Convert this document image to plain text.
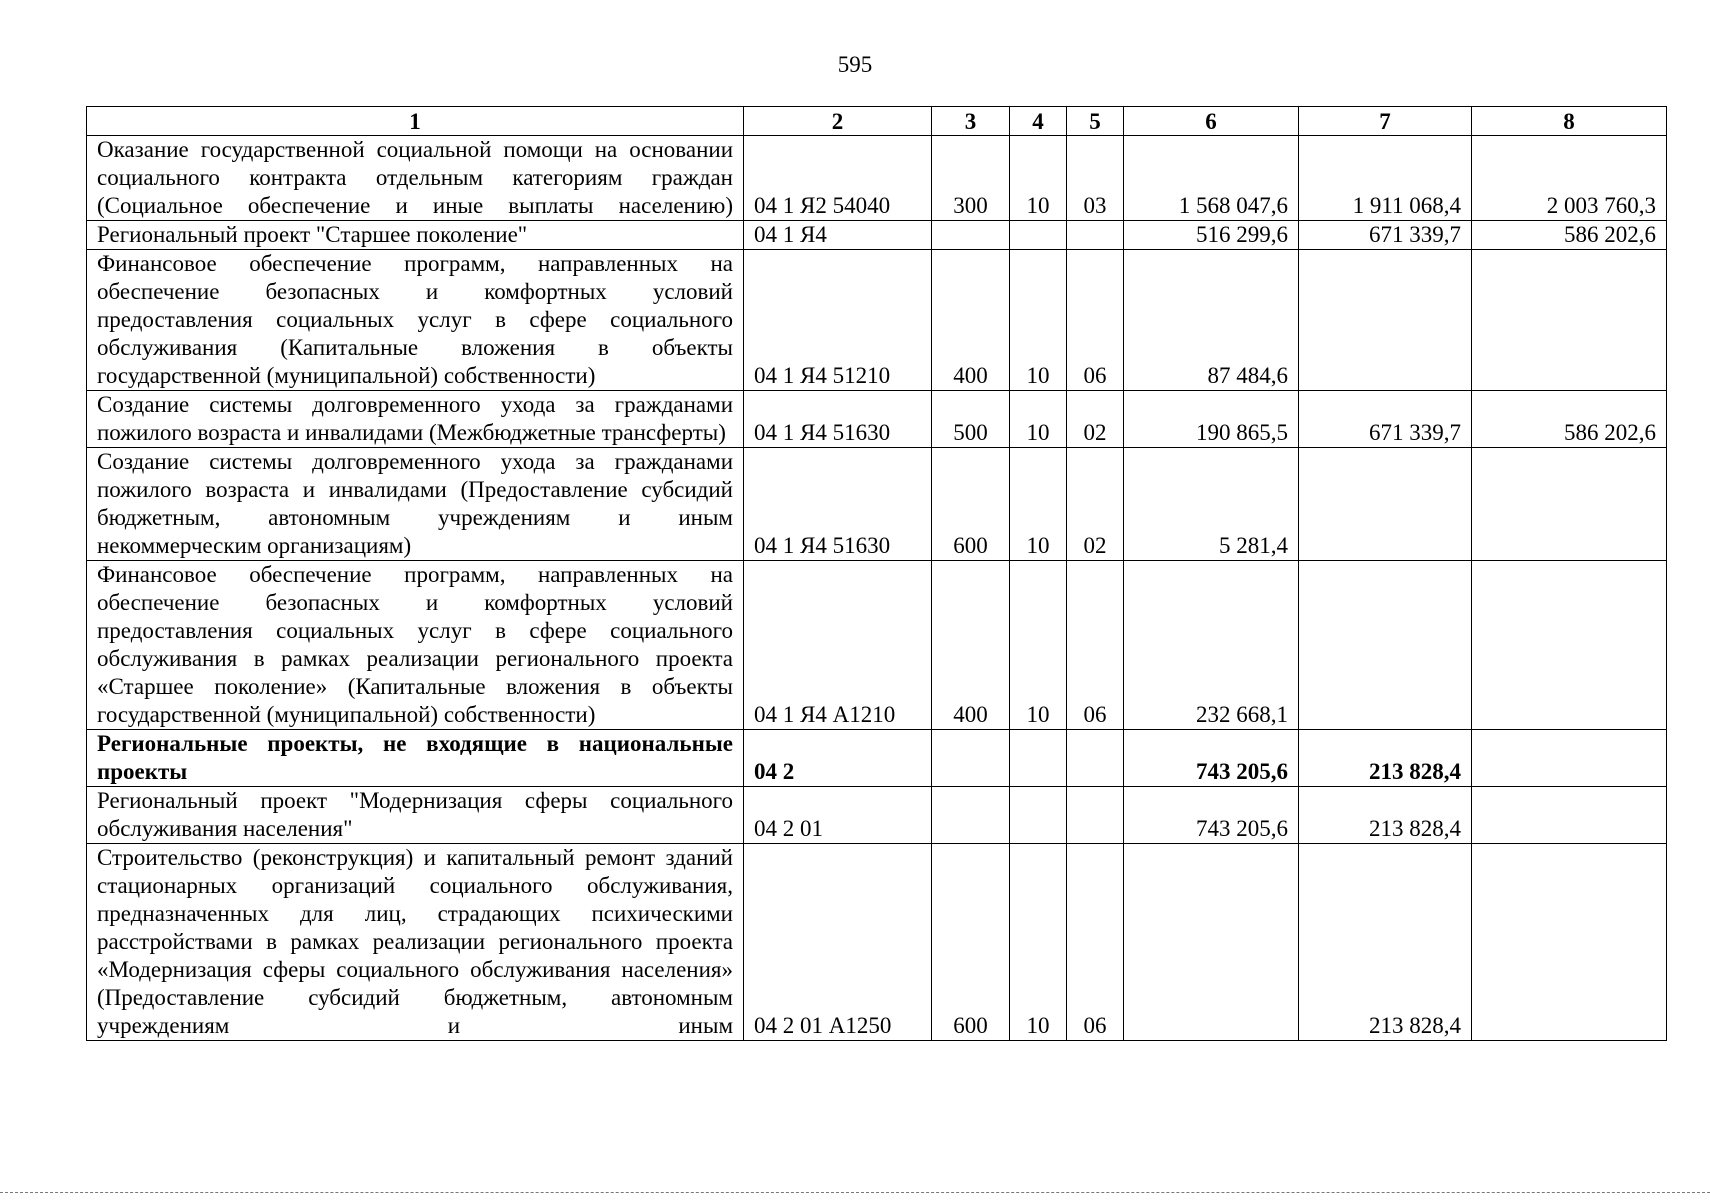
595
1	2	3	4	5	6	7	8
Оказание государственной социальной помощи на основании социального контракта отдельным категориям граждан (Социальное обеспечение и иные выплаты населению)	04 1 Я2 54040	300	10	03	1 568 047,6	1 911 068,4	2 003 760,3
Региональный проект "Старшее поколение"	04 1 Я4				516 299,6	671 339,7	586 202,6
Финансовое обеспечение программ, направленных на обеспечение безопасных и комфортных условий предоставления социальных услуг в сфере социального обслуживания (Капитальные вложения в объекты государственной (муниципальной) собственности)	04 1 Я4 51210	400	10	06	87 484,6		
Создание системы долговременного ухода за гражданами пожилого возраста и инвалидами (Межбюджетные трансферты)	04 1 Я4 51630	500	10	02	190 865,5	671 339,7	586 202,6
Создание системы долговременного ухода за гражданами пожилого возраста и инвалидами (Предоставление субсидий бюджетным, автономным учреждениям и иным некоммерческим организациям)	04 1 Я4 51630	600	10	02	5 281,4		
Финансовое обеспечение программ, направленных на обеспечение безопасных и комфортных условий предоставления социальных услуг в сфере социального обслуживания в рамках реализации регионального проекта «Старшее поколение» (Капитальные вложения в объекты государственной (муниципальной) собственности)	04 1 Я4 А1210	400	10	06	232 668,1		
Региональные проекты, не входящие в национальные проекты	04 2				743 205,6	213 828,4	
Региональный проект "Модернизация сферы социального обслуживания населения"	04 2 01				743 205,6	213 828,4	
Строительство (реконструкция) и капитальный ремонт зданий стационарных организаций социального обслуживания, предназначенных для лиц, страдающих психическими расстройствами в рамках реализации регионального проекта «Модернизация сферы социального обслуживания населения» (Предоставление субсидий бюджетным, автономным учреждениям и иным	04 2 01 А1250	600	10	06		213 828,4	
